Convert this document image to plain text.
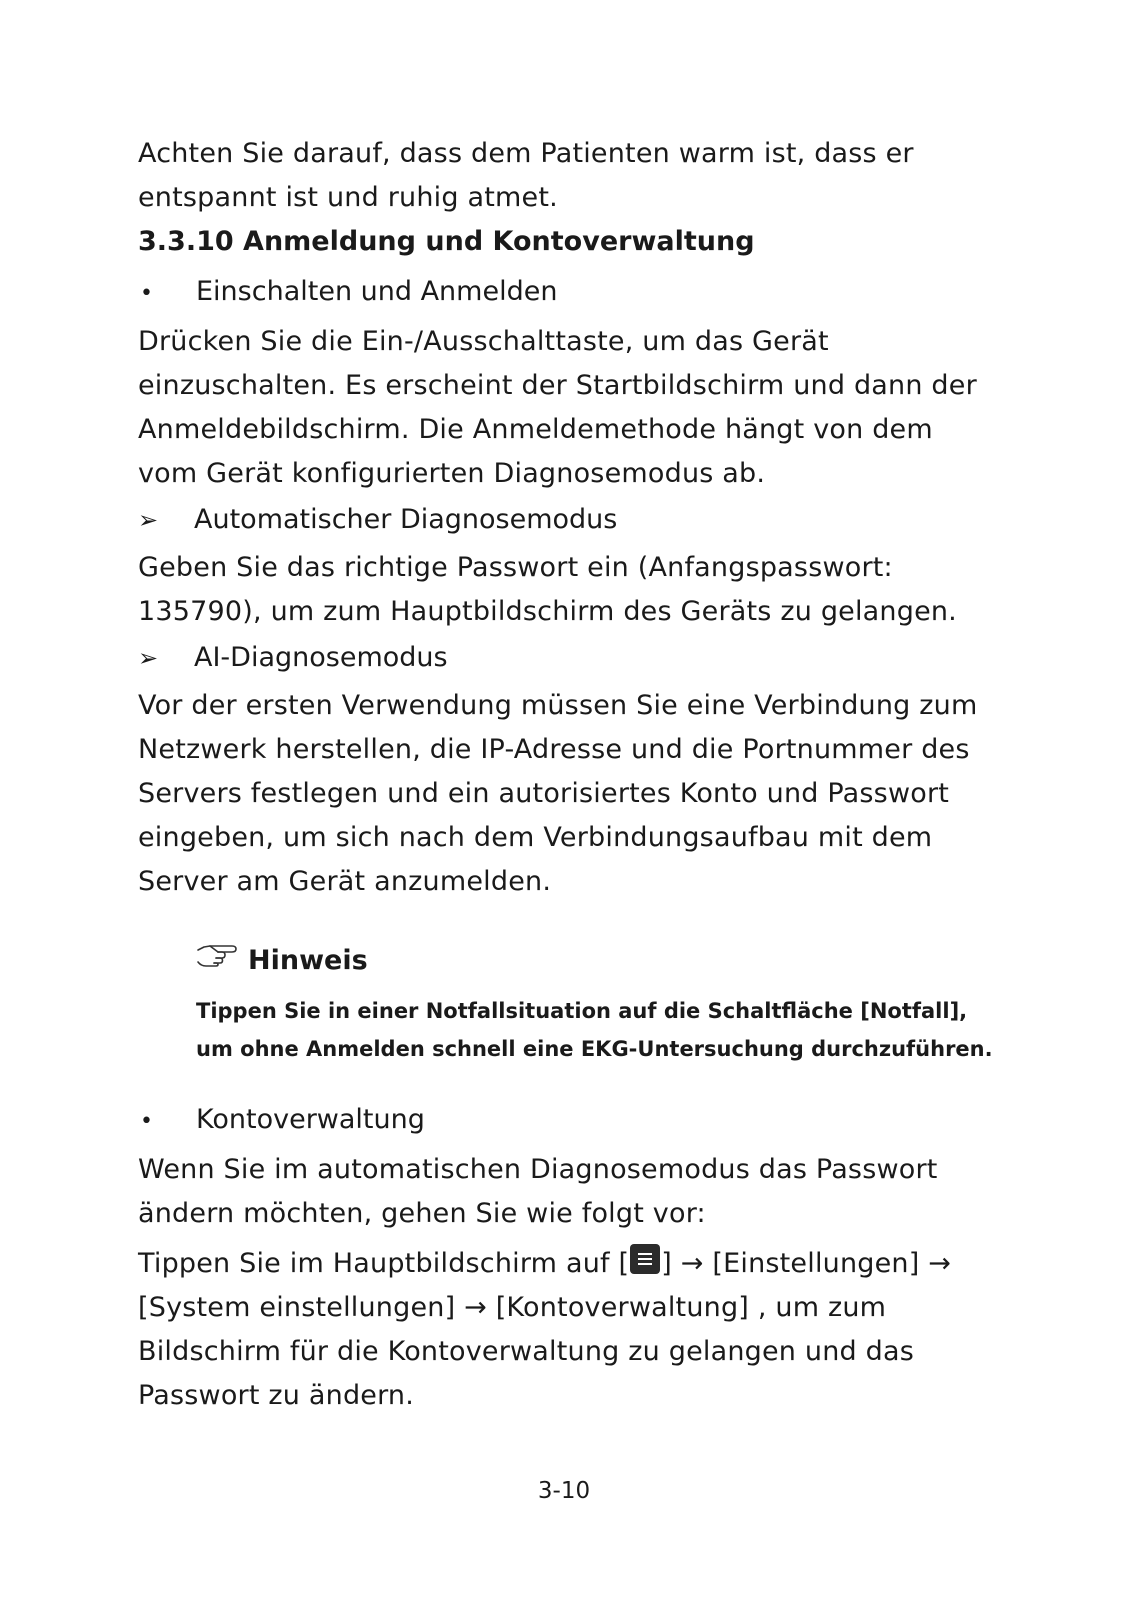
Achten Sie darauf, dass dem Patienten warm ist, dass er entspannt ist und ruhig atmet.

3.3.10 Anmeldung und Kontoverwaltung
•	Einschalten und Anmelden

Drücken Sie die Ein-/Ausschalttaste, um das Gerät einzuschalten. Es erscheint der Startbildschirm und dann der Anmeldebildschirm. Die Anmeldemethode hängt von dem vom Gerät konfigurierten Diagnosemodus ab.

➢	Automatischer Diagnosemodus

Geben Sie das richtige Passwort ein (Anfangspasswort: 135790), um zum Hauptbildschirm des Geräts zu gelangen.

➢	AI-Diagnosemodus

Vor der ersten Verwendung müssen Sie eine Verbindung zum Netzwerk herstellen, die IP-Adresse und die Portnummer des Servers festlegen und ein autorisiertes Konto und Passwort eingeben, um sich nach dem Verbindungsaufbau mit dem Server am Gerät anzumelden.

Hinweis

Tippen Sie in einer Notfallsituation auf die Schaltfläche [Notfall], um ohne Anmelden schnell eine EKG-Untersuchung durchzuführen.

•	Kontoverwaltung

Wenn Sie im automatischen Diagnosemodus das Passwort ändern möchten, gehen Sie wie folgt vor:

Tippen Sie im Hauptbildschirm auf [ ] → [Einstellungen] → [System einstellungen] → [Kontoverwaltung] , um zum Bildschirm für die Kontoverwaltung zu gelangen und das Passwort zu ändern.

3-10
